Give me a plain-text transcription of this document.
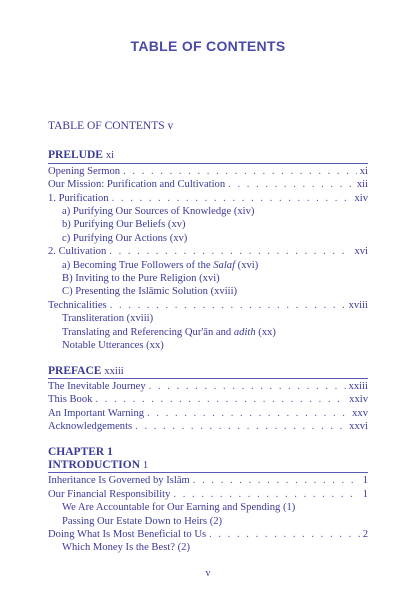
TABLE OF CONTENTS
TABLE OF CONTENTS v
PRELUDE xi
Opening Sermon . . .	xi
Our Mission: Purification and Cultivation . . .	xii
1. Purification . . .	xiv
a) Purifying Our Sources of Knowledge (xiv)
b) Purifying Our Beliefs (xv)
c) Purifying Our Actions (xv)
2. Cultivation . . .	xvi
a) Becoming True Followers of the Salaf (xvi)
B) Inviting to the Pure Religion (xvi)
C) Presenting the Islāmic Solution (xviii)
Technicalities . . .	xviii
Transliteration (xviii)
Translating and Referencing Qur'ān and adith (xx)
Notable Utterances (xx)
PREFACE xxiii
The Inevitable Journey . . .	xxiii
This Book . . .	xxiv
An Important Warning . . .	xxv
Acknowledgements . . .	xxvi
CHAPTER 1
INTRODUCTION 1
Inheritance Is Governed by Islām . . .	1
Our Financial Responsibility . . .	1
We Are Accountable for Our Earning and Spending (1)
Passing Our Estate Down to Heirs (2)
Doing What Is Most Beneficial to Us . . .	2
Which Money Is the Best? (2)
v
